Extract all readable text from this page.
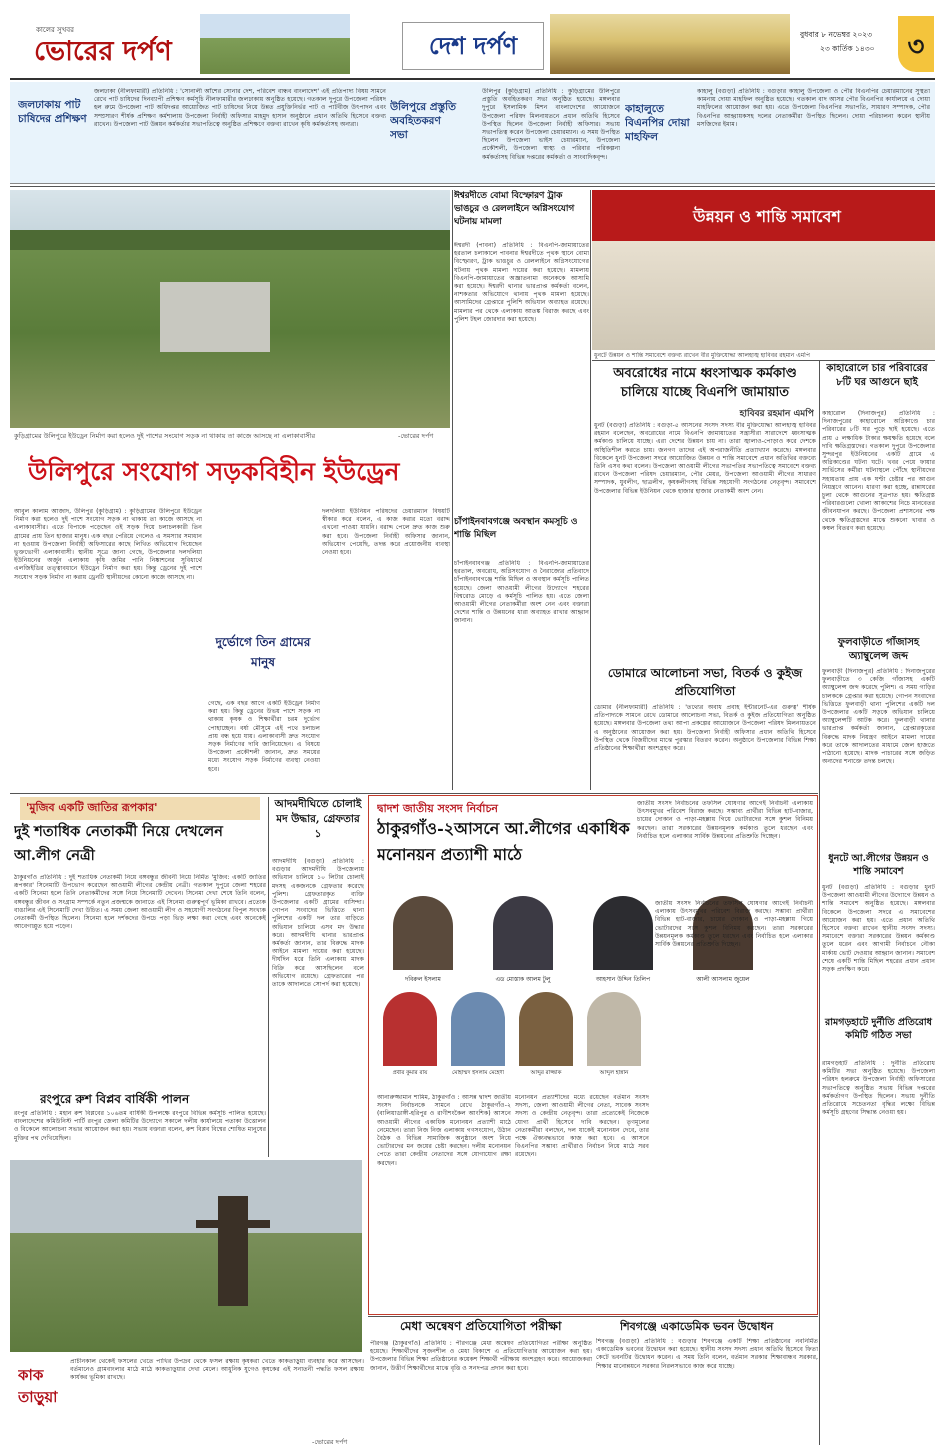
কালের সুখবর
ভোরের দর্পণ	দেশ দর্পণ	বুধবার ৮ নভেম্বর ২০২৩
২৩ কার্তিক ১৪৩০	৩
জলঢাকায় পাট চাষিদের প্রশিক্ষণ
জলঢাকা (নীলফামারী) প্রতিনিধি : 'সোনালী আঁশের সোনার দেশ, পরিবেশ বান্ধব বাংলাদেশ' এই প্রতিপাদ্য বিষয় সামনে রেখে পাট চাষিদের দিনব্যাপী প্রশিক্ষণ কর্মসূচি নীলফামারীর জলঢাকায় অনুষ্ঠিত হয়েছে। গতকাল দুপুরে উপজেলা পরিষদ হল রুমে উপজেলা পাট অধিদপ্তর আয়োজিত পাট চাষিদের নিয়ে উন্নত প্রযুক্তিনির্ভর পাট ও পাটবীজ উৎপাদন এবং সম্প্রসারণ শীর্ষক প্রশিক্ষণ কর্মশালায় উপজেলা নির্বাহী অফিসার মাহমুদ হাসান অনুষ্ঠানে প্রধান অতিথি হিসেবে বক্তব্য রাখেন। উপজেলা পাট উন্নয়ন কর্মকর্তার সভাপতিত্বে অনুষ্ঠিত প্রশিক্ষণে বক্তব্য রাখেন কৃষি কর্মকর্তাসহ অন্যরা।
উলিপুরে প্রস্তুতি অবহিতকরণ সভা
উলিপুর (কুড়িগ্রাম) প্রতিনিধি : কুড়িগ্রামের উলিপুরে প্রস্তুতি অবহিতকরণ সভা অনুষ্ঠিত হয়েছে। মঙ্গলবার দুপুরে ইসলামিক মিশন বাংলাদেশের আয়োজনে উপজেলা পরিষদ মিলনায়তনে প্রধান অতিথি হিসেবে উপস্থিত ছিলেন উপজেলা নির্বাহী অফিসার। সভায় সভাপতিত্ব করেন উপজেলা চেয়ারম্যান। এ সময় উপস্থিত ছিলেন উপজেলা ভাইস চেয়ারম্যান, উপজেলা প্রকৌশলী, উপজেলা স্বাস্থ্য ও পরিবার পরিকল্পনা কর্মকর্তাসহ বিভিন্ন দপ্তরের কর্মকর্তা ও সাংবাদিকবৃন্দ।
কাহালুতে বিএনপির দোয়া মাহফিল
কাহালু (বগুড়া) প্রতিনিধি : বগুড়ার কাহালু উপজেলা ও পৌর বিএনপির চেয়ারম্যানের সুস্থতা কামনায় দোয়া মাহফিল অনুষ্ঠিত হয়েছে। গতকাল বাদ আসর পৌর বিএনপির কার্যালয়ে এ দোয়া মাহফিলের আয়োজন করা হয়। এতে উপজেলা বিএনপির সভাপতি, সাধারণ সম্পাদক, পৌর বিএনপির আহ্বায়কসহ দলের নেতাকর্মীরা উপস্থিত ছিলেন। দোয়া পরিচালনা করেন স্থানীয় মসজিদের ইমাম।
কুড়িগ্রামের উলিপুরে ইউড্রেন নির্মাণ করা হলেও দুই পাশের সংযোগ সড়ক না থাকায় তা কাজে আসছে না এলাকাবাসীর	-ভোরের দর্পণ
উলিপুরে সংযোগ সড়কবিহীন ইউড্রেন
আবুল কালাম আজাদ, উলিপুর (কুড়িগ্রাম) : কুড়িগ্রামের উলিপুরে ইউড্রেন নির্মাণ করা হলেও দুই পাশে সংযোগ সড়ক না থাকায় তা কাজে আসছে না এলাকাবাসীর। এতে বিপাকে পড়েছেন ওই সড়ক দিয়ে চলাচলকারী তিন গ্রামের প্রায় তিন হাজার মানুষ। এক বছর পেরিয়ে গেলেও এ সমস্যার সমাধান না হওয়ায় উপজেলা নির্বাহী অফিসারের কাছে লিখিত অভিযোগ দিয়েছেন ভুক্তভোগী এলাকাবাসী। স্থানীয় সূত্রে জানা গেছে, উপজেলার দলদলিয়া ইউনিয়নের অর্জুন এলাকায় কৃষি জমির পানি নিষ্কাশনের সুবিধার্থে এলজিইডির তত্ত্বাবধানে ইউড্রেন নির্মাণ করা হয়। কিন্তু ড্রেনের দুই পাশে সংযোগ সড়ক নির্মাণ না করায় ড্রেনটি স্থানীয়দের কোনো কাজে আসছে না।
দুর্ভোগে তিন গ্রামের মানুষ
গেছে, এক বছর আগে একটি ইউড্রেন নির্মাণ করা হয়। কিন্তু ড্রেনের উভয় পাশে সড়ক না থাকায় কৃষক ও শিক্ষার্থীরা চরম দুর্ভোগ পোহাচ্ছেন। বর্ষা মৌসুমে এই পথে চলাচল প্রায় বন্ধ হয়ে যায়। এলাকাবাসী দ্রুত সংযোগ সড়ক নির্মাণের দাবি জানিয়েছেন। এ বিষয়ে উপজেলা প্রকৌশলী জানান, দ্রুত সময়ের মধ্যে সংযোগ সড়ক নির্মাণের ব্যবস্থা নেওয়া হবে।
দলদলিয়া ইউনিয়ন পরিষদের চেয়ারম্যান বিষয়টি স্বীকার করে বলেন, এ কাজ করার মতো বরাদ্দ এখনো পাওয়া যায়নি। বরাদ্দ পেলে দ্রুত কাজ শুরু করা হবে। উপজেলা নির্বাহী অফিসার জানান, অভিযোগ পেয়েছি, তদন্ত করে প্রয়োজনীয় ব্যবস্থা নেওয়া হবে।
ঈশ্বরদীতে বোমা বিস্ফোরণ ট্রাক ভাঙচুর ও রেললাইনে অগ্নিসংযোগ ঘটনায় মামলা
ঈশ্বরদী (পাবনা) প্রতিনিধি : বিএনপি-জামায়াতের হরতাল চলাকালে পাবনার ঈশ্বরদীতে পৃথক স্থানে বোমা বিস্ফোরণ, ট্রাক ভাঙচুর ও রেললাইনে অগ্নিসংযোগের ঘটনায় পৃথক মামলা দায়ের করা হয়েছে। মামলায় বিএনপি-জামায়াতের অজ্ঞাতনামা অনেককে আসামি করা হয়েছে। ঈশ্বরদী থানার ভারপ্রাপ্ত কর্মকর্তা বলেন, নাশকতার অভিযোগে থানায় পৃথক মামলা হয়েছে। আসামিদের গ্রেপ্তারে পুলিশি অভিযান অব্যাহত রয়েছে। মামলার পর থেকে এলাকায় আতঙ্ক বিরাজ করছে এবং পুলিশ টহল জোরদার করা হয়েছে।
চাঁপাইনবাবগঞ্জে অবস্থান কমসূচি ও শান্তি মিছিল
চাঁপাইনবাবগঞ্জ প্রতিনিধি : বিএনপি-জামায়াতের হরতাল, অবরোধ, অগ্নিসংযোগ ও নৈরাজ্যের প্রতিবাদে চাঁপাইনবাবগঞ্জে শান্তি মিছিল ও অবস্থান কর্মসূচি পালিত হয়েছে। জেলা আওয়ামী লীগের উদ্যোগে শহরের বিশ্বরোড মোড়ে এ কর্মসূচি পালিত হয়। এতে জেলা আওয়ামী লীগের নেতাকর্মীরা অংশ নেন এবং বক্তারা দেশের শান্তি ও উন্নয়নের ধারা অব্যাহত রাখার আহ্বান জানান।
উন্নয়ন ও শান্তি সমাবেশ
ধুনটে উন্নয়ন ও শান্তি সমাবেশে বক্তব্য রাখেন বীর মুক্তিযোদ্ধা আলহাজ্ব হাবিবর রহমান এমপি
অবরোধের নামে ধ্বংসাত্মক কর্মকাণ্ড চালিয়ে যাচ্ছে বিএনপি জামায়াত
হাবিবর রহমান এমপি
ধুনট (বগুড়া) প্রতিনিধি : বগুড়া-৫ আসনের সংসদ সদস্য বীর মুক্তিযোদ্ধা আলহাজ্ব হাবিবর রহমান বলেছেন, অবরোধের নামে বিএনপি জামায়াতের সন্ত্রাসীরা সারাদেশে ধ্বংসাত্মক কর্মকাণ্ড চালিয়ে যাচ্ছে। এরা দেশের উন্নয়ন চায় না। তারা জ্বালাও-পোড়াও করে দেশকে অস্থিতিশীল করতে চায়। জনগণ তাদের এই অপরাজনীতি প্রত্যাখ্যান করেছে। মঙ্গলবার বিকেলে ধুনট উপজেলা সদরে আয়োজিত উন্নয়ন ও শান্তি সমাবেশে প্রধান অতিথির বক্তব্যে তিনি এসব কথা বলেন। উপজেলা আওয়ামী লীগের সভাপতির সভাপতিত্বে সমাবেশে বক্তব্য রাখেন উপজেলা পরিষদ চেয়ারম্যান, পৌর মেয়র, উপজেলা আওয়ামী লীগের সাধারণ সম্পাদক, যুবলীগ, ছাত্রলীগ, কৃষকলীগসহ বিভিন্ন সহযোগী সংগঠনের নেতৃবৃন্দ। সমাবেশে উপজেলার বিভিন্ন ইউনিয়ন থেকে হাজার হাজার নেতাকর্মী অংশ নেন।
ডোমারে আলোচনা সভা, বিতর্ক ও কুইজ প্রতিযোগিতা
ডোমার (নীলফামারী) প্রতিনিধি : 'তথ্যের অবাধ প্রবাহ ইন্টারনেট-এর গুরুত্ব' শীর্ষক প্রতিপাদ্যকে সামনে রেখে ডোমারে আলোচনা সভা, বিতর্ক ও কুইজ প্রতিযোগিতা অনুষ্ঠিত হয়েছে। মঙ্গলবার উপজেলা তথ্য আপা প্রকল্পের আয়োজনে উপজেলা পরিষদ মিলনায়তনে এ অনুষ্ঠানের আয়োজন করা হয়। উপজেলা নির্বাহী অফিসার প্রধান অতিথি হিসেবে উপস্থিত থেকে বিজয়ীদের মাঝে পুরস্কার বিতরণ করেন। অনুষ্ঠানে উপজেলার বিভিন্ন শিক্ষা প্রতিষ্ঠানের শিক্ষার্থীরা অংশগ্রহণ করে।
কাহারোলে চার পরিবারের ৮টি ঘর আগুনে ছাই
কাহারোল (দিনাজপুর) প্রতিনিধি : দিনাজপুরের কাহারোলে অগ্নিকাণ্ডে চার পরিবারের ৮টি ঘর পুড়ে ছাই হয়েছে। এতে প্রায় ৫ লক্ষাধিক টাকার ক্ষয়ক্ষতি হয়েছে বলে দাবি ক্ষতিগ্রস্তদের। গতকাল দুপুরে উপজেলার সুন্দরপুর ইউনিয়নের একটি গ্রামে এ অগ্নিকাণ্ডের ঘটনা ঘটে। খবর পেয়ে ফায়ার সার্ভিসের কর্মীরা ঘটনাস্থলে পৌঁছে স্থানীয়দের সহায়তায় প্রায় এক ঘণ্টা চেষ্টার পর আগুন নিয়ন্ত্রণে আনেন। ধারণা করা হচ্ছে, রান্নাঘরের চুলা থেকে আগুনের সূত্রপাত হয়। ক্ষতিগ্রস্ত পরিবারগুলো খোলা আকাশের নিচে মানবেতর জীবনযাপন করছে। উপজেলা প্রশাসনের পক্ষ থেকে ক্ষতিগ্রস্তদের মাঝে শুকনো খাবার ও কম্বল বিতরণ করা হয়েছে।
ফুলবাড়ীতে গাঁজাসহ অ্যাম্বুলেন্স জব্দ
ফুলবাড়ী (দিনাজপুর) প্রতিনিধি : দিনাজপুরের ফুলবাড়ীতে ৩ কেজি গাঁজাসহ একটি অ্যাম্বুলেন্স জব্দ করেছে পুলিশ। এ সময় গাড়ির চালককে গ্রেপ্তার করা হয়েছে। গোপন সংবাদের ভিত্তিতে ফুলবাড়ী থানা পুলিশের একটি দল উপজেলার একটি সড়কে অভিযান চালিয়ে অ্যাম্বুলেন্সটি আটক করে। ফুলবাড়ী থানার ভারপ্রাপ্ত কর্মকর্তা জানান, গ্রেপ্তারকৃতের বিরুদ্ধে মাদক নিয়ন্ত্রণ আইনে মামলা দায়ের করে তাকে আদালতের মাধ্যমে জেল হাজতে পাঠানো হয়েছে। মাদক পাচারের সঙ্গে জড়িত অন্যদের শনাক্তে তদন্ত চলছে।
ধুনটে আ.লীগের উন্নয়ন ও শান্তি সমাবেশ
ধুনট (বগুড়া) প্রতিনিধি : বগুড়ার ধুনট উপজেলা আওয়ামী লীগের উদ্যোগে উন্নয়ন ও শান্তি সমাবেশ অনুষ্ঠিত হয়েছে। মঙ্গলবার বিকেলে উপজেলা সদরে এ সমাবেশের আয়োজন করা হয়। এতে প্রধান অতিথি হিসেবে বক্তব্য রাখেন স্থানীয় সংসদ সদস্য। সমাবেশে বক্তারা সরকারের উন্নয়ন কর্মকাণ্ড তুলে ধরেন এবং আগামী নির্বাচনে নৌকা মার্কায় ভোট দেওয়ার আহ্বান জানান। সমাবেশ শেষে একটি শান্তি মিছিল শহরের প্রধান প্রধান সড়ক প্রদক্ষিণ করে।
রামগড়হাটে দুর্নীতি প্রতিরোধ কমিটি গঠিত সভা
রামগড়হাট প্রতিনিধি : দুর্নীতি প্রতিরোধ কমিটির সভা অনুষ্ঠিত হয়েছে। উপজেলা পরিষদ হলরুমে উপজেলা নির্বাহী অফিসারের সভাপতিত্বে অনুষ্ঠিত সভায় বিভিন্ন দপ্তরের কর্মকর্তাগণ উপস্থিত ছিলেন। সভায় দুর্নীতি প্রতিরোধে সচেতনতা বৃদ্ধির লক্ষ্যে বিভিন্ন কর্মসূচি গ্রহণের সিদ্ধান্ত নেওয়া হয়।
'মুজিব একটি জাতির রূপকার'
দুই শতাধিক নেতাকর্মী নিয়ে দেখলেন আ.লীগ নেত্রী
ঠাকুরগাঁও প্রতিনিধি : দুই শতাধিক নেতাকর্মী নিয়ে বঙ্গবন্ধুর জীবনী নিয়ে নির্মিত 'মুজিব: একটি জাতির রূপকার' সিনেমাটি উপভোগ করেছেন আওয়ামী লীগের কেন্দ্রীয় নেত্রী। গতকাল দুপুরে জেলা শহরের একটি সিনেমা হলে তিনি নেতাকর্মীদের সঙ্গে নিয়ে সিনেমাটি দেখেন। সিনেমা দেখা শেষে তিনি বলেন, বঙ্গবন্ধুর জীবন ও সংগ্রাম সম্পর্কে নতুন প্রজন্মকে জানাতে এই সিনেমা গুরুত্বপূর্ণ ভূমিকা রাখবে। প্রত্যেক বাঙালির এই সিনেমাটি দেখা উচিত। এ সময় জেলা আওয়ামী লীগ ও সহযোগী সংগঠনের বিপুল সংখ্যক নেতাকর্মী উপস্থিত ছিলেন। সিনেমা হলে দর্শকদের উপচে পড়া ভিড় লক্ষ্য করা গেছে এবং অনেকেই আবেগাপ্লুত হয়ে পড়েন।
আদমদীঘিতে চোলাই মদ উদ্ধার, গ্রেফতার ১
আদমদীঘি (বগুড়া) প্রতিনিধি : বগুড়ার আদমদীঘি উপজেলায় অভিযান চালিয়ে ১০ লিটার চোলাই মদসহ একজনকে গ্রেফতার করেছে পুলিশ। গ্রেফতারকৃত ব্যক্তি উপজেলার একটি গ্রামের বাসিন্দা। গোপন সংবাদের ভিত্তিতে থানা পুলিশের একটি দল তার বাড়িতে অভিযান চালিয়ে এসব মদ উদ্ধার করে। আদমদীঘি থানার ভারপ্রাপ্ত কর্মকর্তা জানান, তার বিরুদ্ধে মাদক আইনে মামলা দায়ের করা হয়েছে। দীর্ঘদিন ধরে তিনি এলাকায় মাদক বিক্রি করে আসছিলেন বলে অভিযোগ রয়েছে। গ্রেফতারের পর তাকে আদালতে সোপর্দ করা হয়েছে।
রংপুরে রুশ বিপ্লব বার্ষিকী পালন
রংপুর প্রতিনিধি : মহান রুশ বিপ্লবের ১০৬তম বার্ষিকী উপলক্ষে রংপুরে বিভিন্ন কর্মসূচি পালিত হয়েছে। বাংলাদেশের কমিউনিস্ট পার্টি রংপুর জেলা কমিটির উদ্যোগে সকালে দলীয় কার্যালয়ে পতাকা উত্তোলন ও বিকেলে আলোচনা সভার আয়োজন করা হয়। সভায় বক্তারা বলেন, রুশ বিপ্লব বিশ্বের শোষিত মানুষের মুক্তির পথ দেখিয়েছিল।
দ্বাদশ জাতীয় সংসদ নির্বাচন
ঠাকুরগাঁও-২আসনে আ.লীগের একাধিক মনোনয়ন প্রত্যাশী মাঠে
জাতীয় সংসদ নির্বাচনের তফসিল ঘোষণার আগেই নির্বাচনী এলাকায় উৎসবমুখর পরিবেশ বিরাজ করছে। সম্ভাব্য প্রার্থীরা বিভিন্ন হাট-বাজার, চায়ের দোকান ও পাড়া-মহল্লায় গিয়ে ভোটারদের সঙ্গে কুশল বিনিময় করছেন। তারা সরকারের উন্নয়নমূলক কর্মকাণ্ড তুলে ধরছেন এবং নির্বাচিত হলে এলাকার সার্বিক উন্নয়নের প্রতিশ্রুতি দিচ্ছেন।
দবিরুল ইসলাম	এড মোস্তাক আলম টুলু	আহসান উদ্দিন তিলিপ	আলী আসলাম জুয়েল
প্রবীর কুমার রায়	মোহাম্মদ ইসলাম মেহেদী	আব্দুর রাজ্জাক	আব্দুল হান্নান
আনারুজ্জামান শামিম, ঠাকুরগাঁও : আসন্ন দ্বাদশ জাতীয় সংসদ নির্বাচনকে সামনে রেখে ঠাকুরগাঁও-২ (বালিয়াডাঙ্গী-হরিপুর ও রাণীশংকৈল আংশিক) আসনে আওয়ামী লীগের একাধিক মনোনয়ন প্রত্যাশী মাঠে নেমেছেন। তারা নিজ নিজ এলাকায় গণসংযোগ, উঠান বৈঠক ও বিভিন্ন সামাজিক অনুষ্ঠানে অংশ নিয়ে ভোটারদের মন জয়ের চেষ্টা করছেন। দলীয় মনোনয়ন পেতে তারা কেন্দ্রীয় নেতাদের সঙ্গে যোগাযোগ রক্ষা করছেন।
মনোনয়ন প্রত্যাশীদের মধ্যে রয়েছেন বর্তমান সংসদ সদস্য, জেলা আওয়ামী লীগের নেতা, সাবেক সংসদ সদস্য ও কেন্দ্রীয় নেতৃবৃন্দ। তারা প্রত্যেকেই নিজেকে যোগ্য প্রার্থী হিসেবে দাবি করছেন। তৃণমূলের নেতাকর্মীরা বলছেন, দল যাকেই মনোনয়ন দেবে, তার পক্ষে ঐক্যবদ্ধভাবে কাজ করা হবে। এ আসনে বিএনপির সম্ভাব্য প্রার্থীরাও নির্বাচন নিয়ে মাঠে সরব রয়েছেন।
জাতীয় সংসদ নির্বাচনের তফসিল ঘোষণার আগেই নির্বাচনী এলাকায় উৎসবমুখর পরিবেশ বিরাজ করছে। সম্ভাব্য প্রার্থীরা বিভিন্ন হাট-বাজার, চায়ের দোকান ও পাড়া-মহল্লায় গিয়ে ভোটারদের সঙ্গে কুশল বিনিময় করছেন। তারা সরকারের উন্নয়নমূলক কর্মকাণ্ড তুলে ধরছেন এবং নির্বাচিত হলে এলাকার সার্বিক উন্নয়নের প্রতিশ্রুতি দিচ্ছেন।
মেধা অন্বেষণ প্রতিযোগিতা পরীক্ষা
পীরগঞ্জ (ঠাকুরগাঁও) প্রতিনিধি : পীরগঞ্জে মেধা অন্বেষণ প্রতিযোগিতা পরীক্ষা অনুষ্ঠিত হয়েছে। শিক্ষার্থীদের সৃজনশীল ও মেধা বিকাশে এ প্রতিযোগিতার আয়োজন করা হয়। উপজেলার বিভিন্ন শিক্ষা প্রতিষ্ঠানের কয়েকশ শিক্ষার্থী পরীক্ষায় অংশগ্রহণ করে। আয়োজকরা জানান, উত্তীর্ণ শিক্ষার্থীদের মাঝে বৃত্তি ও সনদপত্র প্রদান করা হবে।
শিবগঞ্জে একাডেমিক ভবন উদ্বোধন
শিবগঞ্জ (বগুড়া) প্রতিনিধি : বগুড়ার শিবগঞ্জে একটি শিক্ষা প্রতিষ্ঠানের নবনির্মিত একাডেমিক ভবনের উদ্বোধন করা হয়েছে। স্থানীয় সংসদ সদস্য প্রধান অতিথি হিসেবে ফিতা কেটে ভবনটির উদ্বোধন করেন। এ সময় তিনি বলেন, বর্তমান সরকার শিক্ষাবান্ধব সরকার, শিক্ষার মানোন্নয়নে সরকার নিরলসভাবে কাজ করে যাচ্ছে।
কাক তাড়ুয়া
প্রাচীনকাল থেকেই ফসলের খেতে পাখির উপদ্রব থেকে ফসল রক্ষায় কৃষকরা খেতে কাকতাড়ুয়া ব্যবহার করে আসছেন। বর্তমানেও গ্রামবাংলার মাঠে মাঠে কাকতাড়ুয়ার দেখা মেলে। আধুনিক যুগেও কৃষকের এই সনাতনী পদ্ধতি ফসল রক্ষায় কার্যকর ভূমিকা রাখছে।
-ভোরের দর্পণ
